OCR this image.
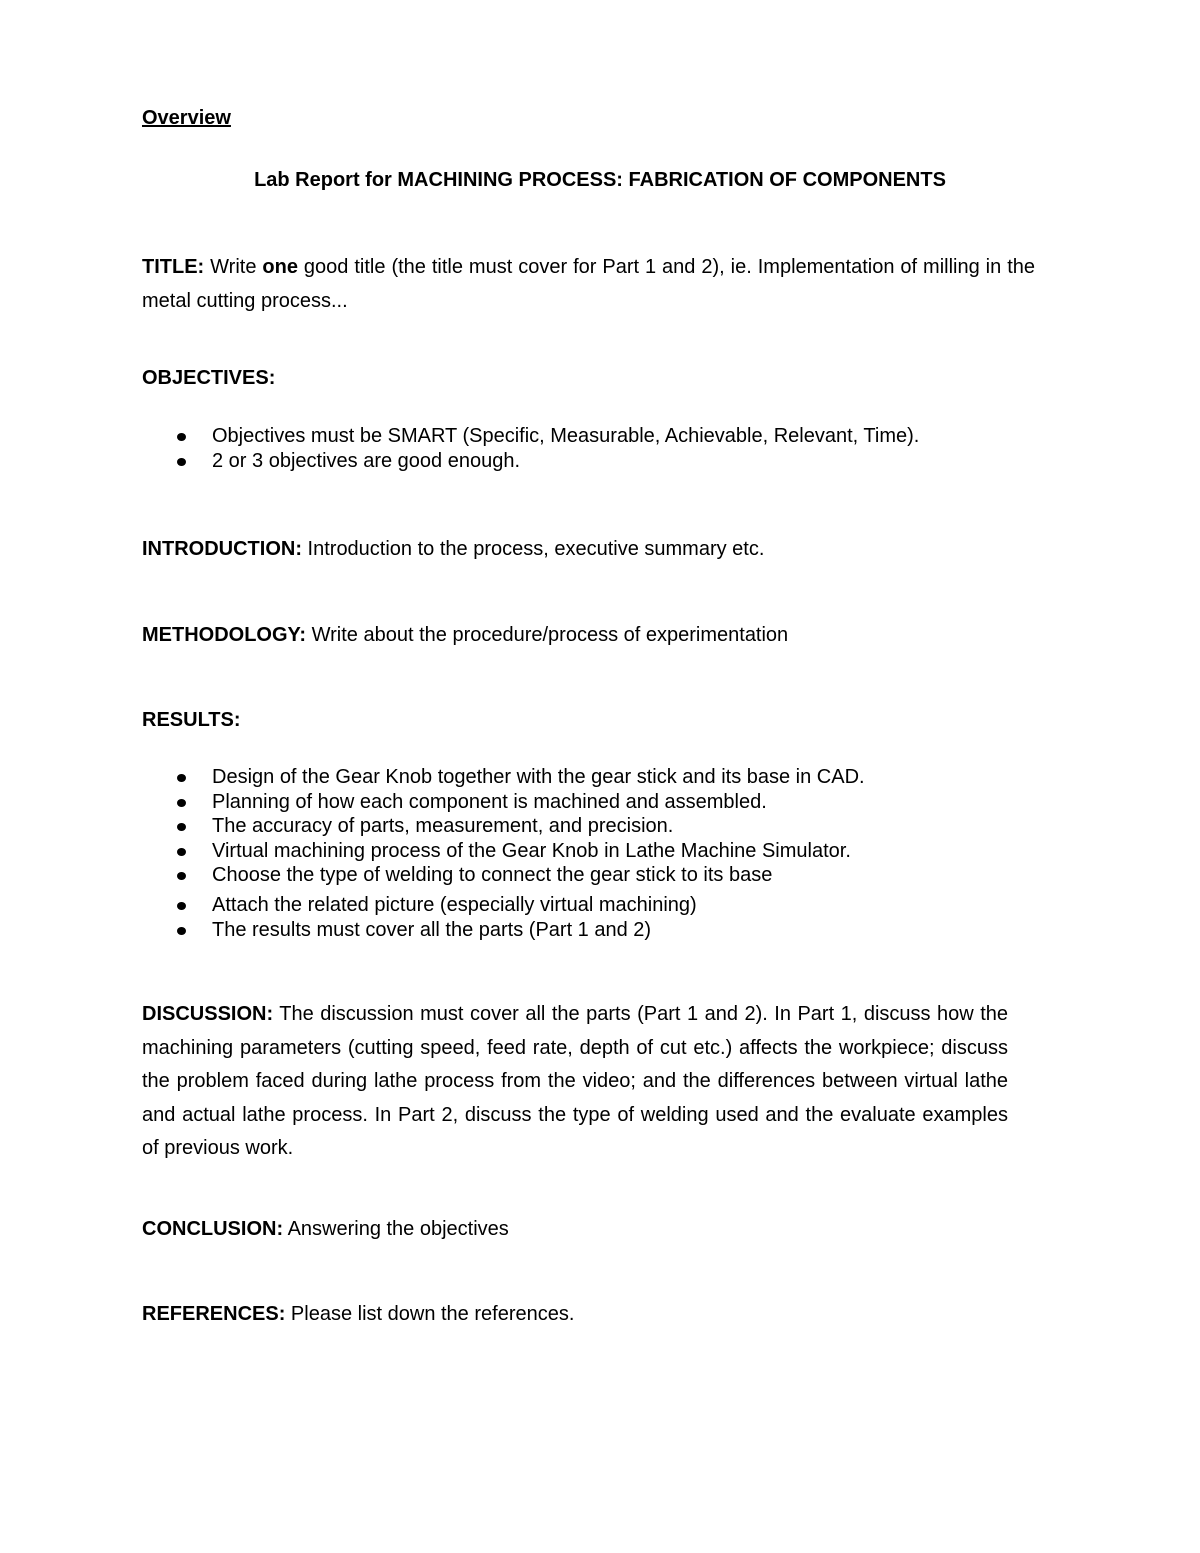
Overview
Lab Report for MACHINING PROCESS: FABRICATION OF COMPONENTS
TITLE: Write one good title (the title must cover for Part 1 and 2), ie. Implementation of milling in the metal cutting process...
OBJECTIVES:
Objectives must be SMART (Specific, Measurable, Achievable, Relevant, Time).
2 or 3 objectives are good enough.
INTRODUCTION: Introduction to the process, executive summary etc.
METHODOLOGY: Write about the procedure/process of experimentation
RESULTS:
Design of the Gear Knob together with the gear stick and its base in CAD.
Planning of how each component is machined and assembled.
The accuracy of parts, measurement, and precision.
Virtual machining process of the Gear Knob in Lathe Machine Simulator.
Choose the type of welding to connect the gear stick to its base
Attach the related picture (especially virtual machining)
The results must cover all the parts (Part 1 and 2)
DISCUSSION: The discussion must cover all the parts (Part 1 and 2). In Part 1, discuss how the machining parameters (cutting speed, feed rate, depth of cut etc.) affects the workpiece; discuss the problem faced during lathe process from the video; and the differences between virtual lathe and actual lathe process. In Part 2, discuss the type of welding used and the evaluate examples of previous work.
CONCLUSION: Answering the objectives
REFERENCES: Please list down the references.
